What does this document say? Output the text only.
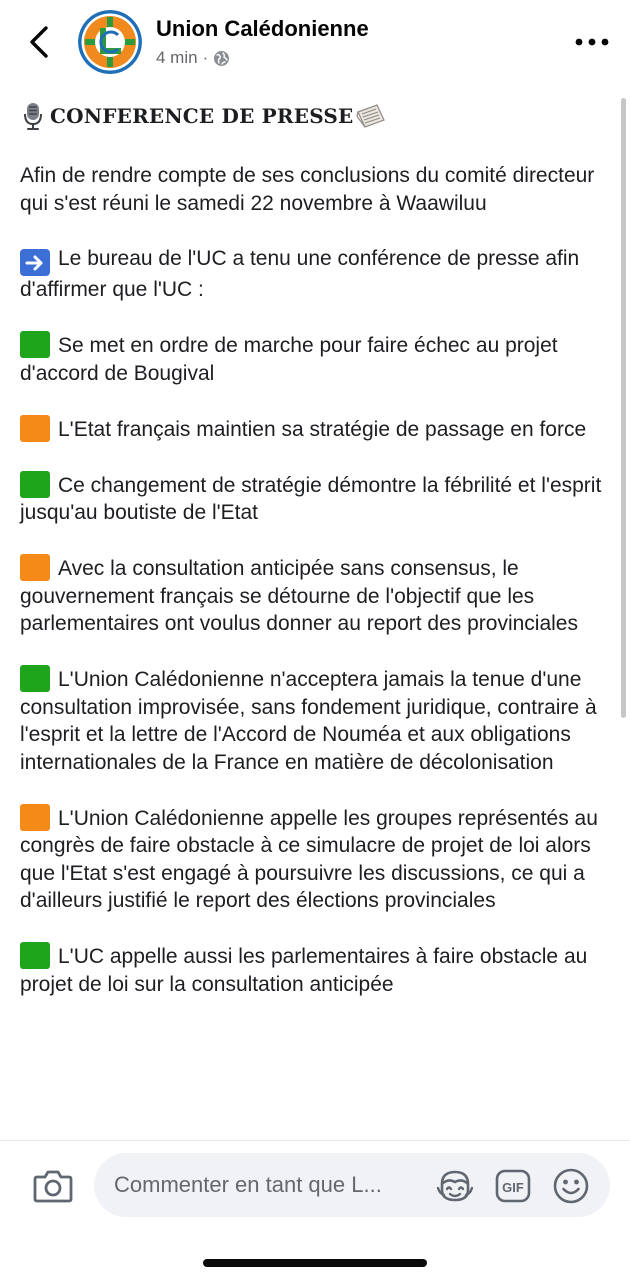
Union Calédonienne
4 min ·
CONFERENCE DE PRESSE
Afin de rendre compte de ses conclusions du comité directeur qui s'est réuni le samedi 22 novembre à Waawiluu
Le bureau de l'UC a tenu une conférence de presse afin d'affirmer que l'UC :
Se met en ordre de marche pour faire échec au projet d'accord de Bougival
L'Etat français maintien sa stratégie de passage en force
Ce changement de stratégie démontre la fébrilité et l'esprit jusqu'au boutiste de l'Etat
Avec la consultation anticipée sans consensus, le gouvernement français se détourne de l'objectif que les parlementaires ont voulus donner au report des provinciales
L'Union Calédonienne n'acceptera jamais la tenue d'une consultation improvisée, sans fondement juridique, contraire à l'esprit et la lettre de l'Accord de Nouméa et aux obligations internationales de la France en matière de décolonisation
L'Union Calédonienne appelle les groupes représentés au congrès de faire obstacle à ce simulacre de projet de loi alors que l'Etat s'est engagé à poursuivre les discussions, ce qui a d'ailleurs justifié le report des élections provinciales
L'UC appelle aussi les parlementaires à faire obstacle au projet de loi sur la consultation anticipée
Commenter en tant que L...
GIF
